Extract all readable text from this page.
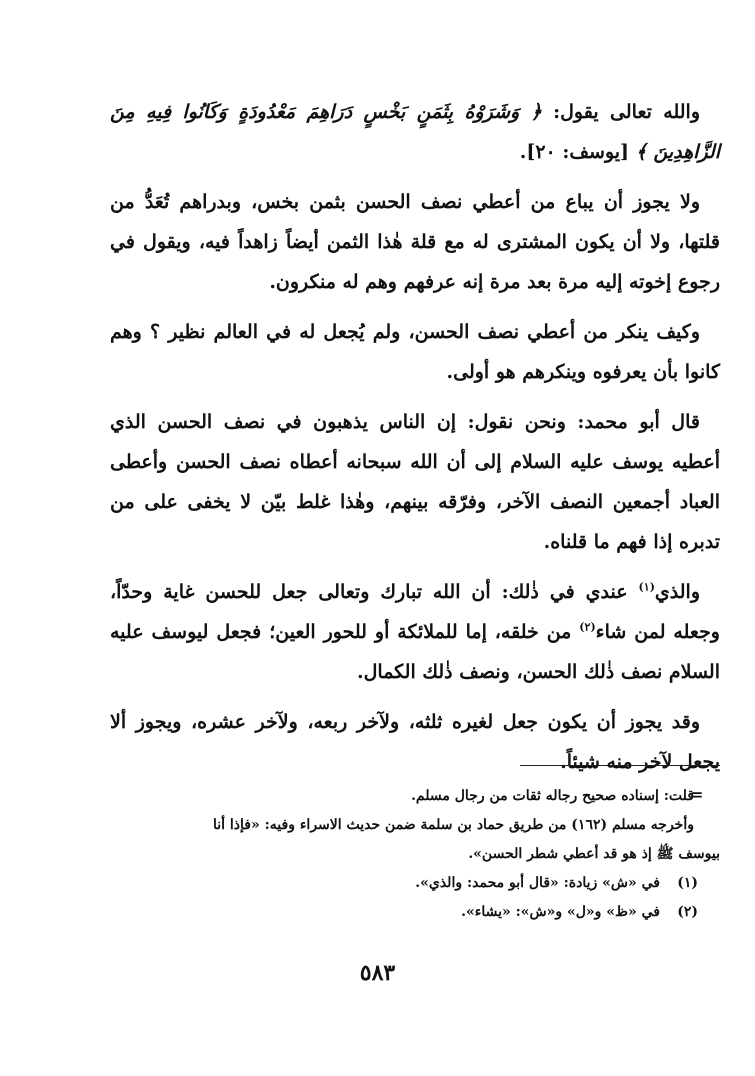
والله تعالى يقول: ﴿ وَشَرَوْهُ بِثَمَنٍ بَخْسٍ دَرَاهِمَ مَعْدُودَةٍ وَكَانُوا فِيهِ مِنَ الزَّاهِدِينَ ﴾ [يوسف: ٢٠].

ولا يجوز أن يباع من أعطي نصف الحسن بثمن بخس، وبدراهم تُعَدُّ من قلتها، ولا أن يكون المشترى له مع قلة هٰذا الثمن أيضاً زاهداً فيه، ويقول في رجوع إخوته إليه مرة بعد مرة إنه عرفهم وهم له منكرون.

وكيف ينكر من أعطي نصف الحسن، ولم يُجعل له في العالم نظير ؟ وهم كانوا بأن يعرفوه وينكرهم هو أولى.

قال أبو محمد: ونحن نقول: إن الناس يذهبون في نصف الحسن الذي أعطيه يوسف عليه السلام إلى أن الله سبحانه أعطاه نصف الحسن وأعطى العباد أجمعين النصف الآخر، وفرّقه بينهم، وهٰذا غلط بيّن لا يخفى على من تدبره إذا فهم ما قلناه.

والذي$^{(١)}$ عندي في ذٰلك: أن الله تبارك وتعالى جعل للحسن غاية وحدّاً، وجعله لمن شاء$^{(٢)}$ من خلقه، إما للملائكة أو للحور العين؛ فجعل ليوسف عليه السلام نصف ذٰلك الحسن، ونصف ذٰلك الكمال.

وقد يجوز أن يكون جعل لغيره ثلثه، ولآخر ربعه، ولآخر عشره، ويجوز ألا يجعل لآخر منه شيئاً.

=

قلت: إسناده صحيح رجاله ثقات من رجال مسلم.

وأخرجه مسلم (١٦٢) من طريق حماد بن سلمة ضمن حديث الاسراء وفيه: «فإذا أنا

بيوسف ﷺ إذ هو قد أعطي شطر الحسن».

(١)في «ش» زيادة: «قال أبو محمد: والذي».

(٢)في «ظ» و«ل» و«ش»: «يشاء».

٥٨٣
